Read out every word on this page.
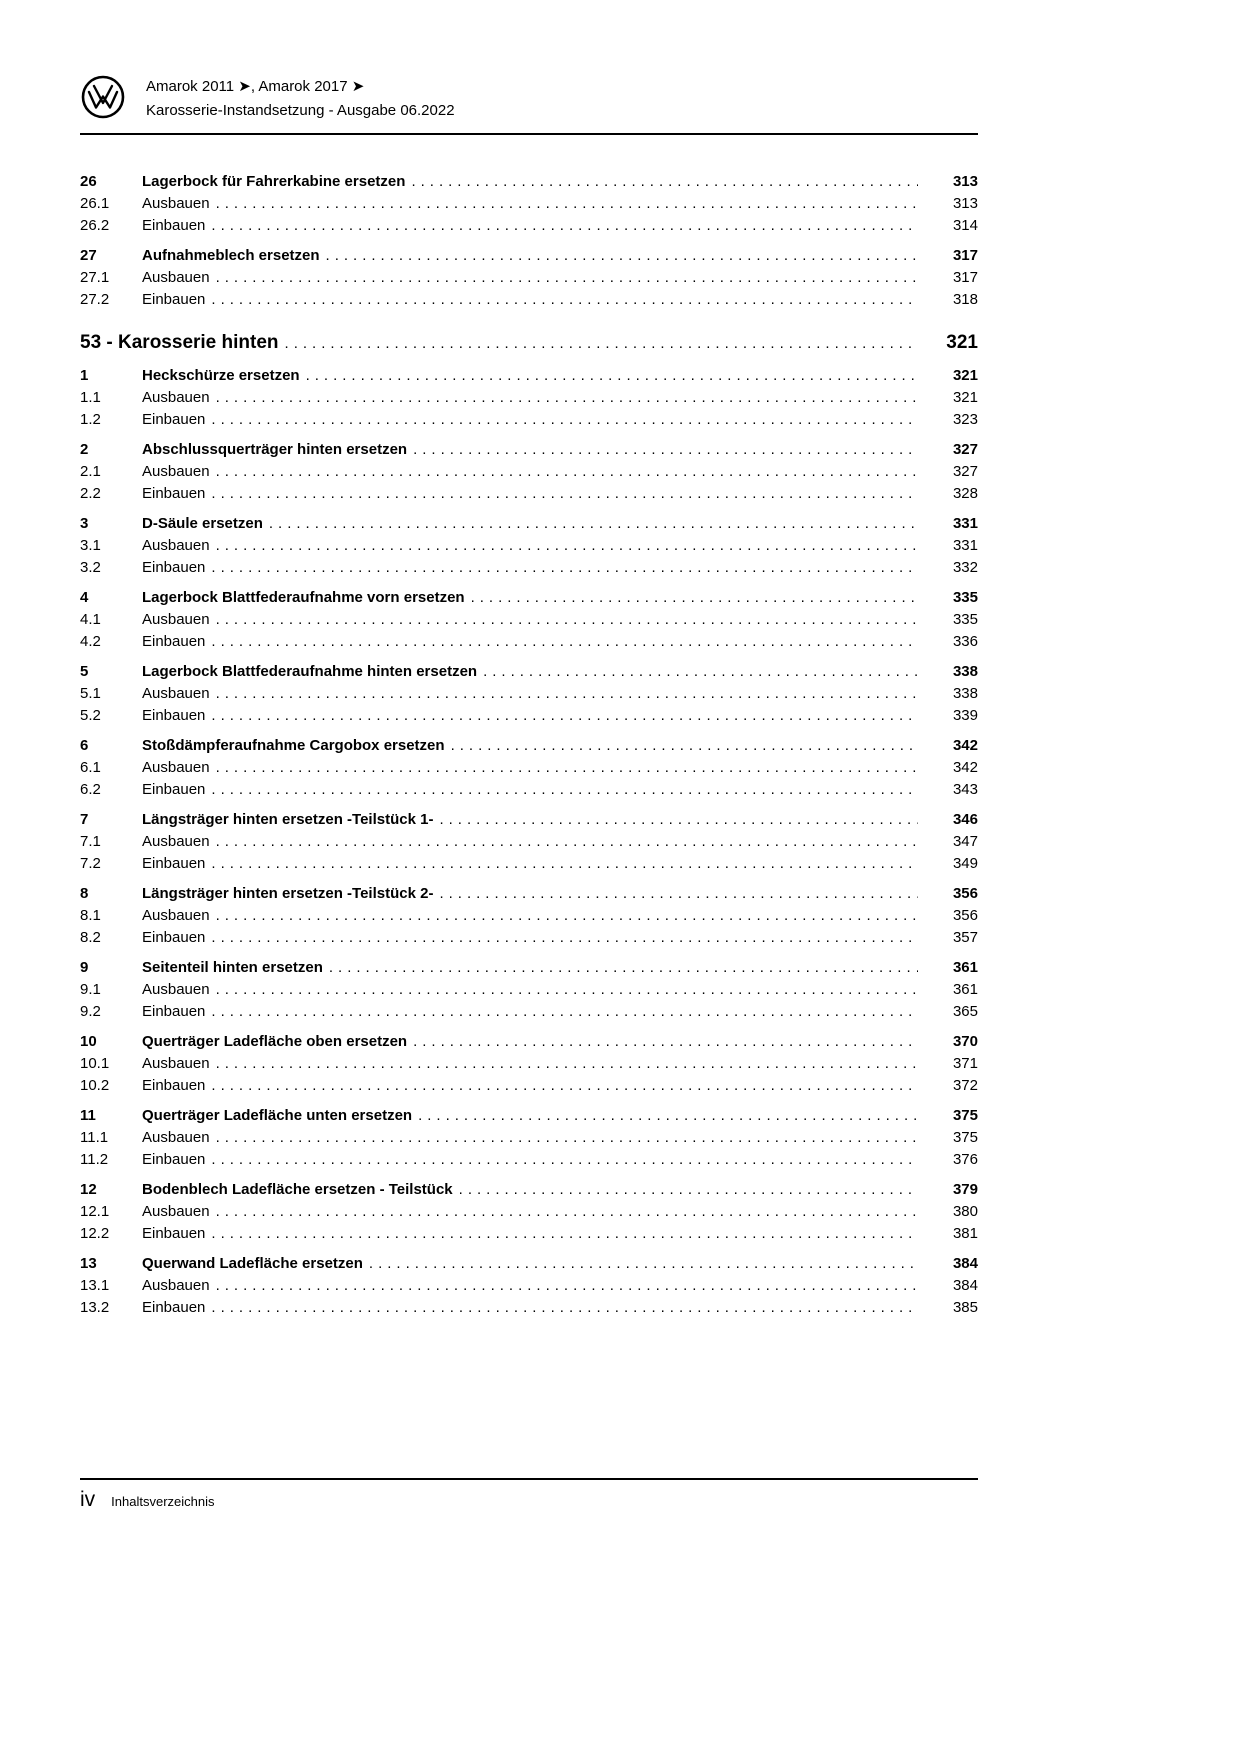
Amarok 2011 ➤, Amarok 2017 ➤
Karosserie-Instandsetzung - Ausgabe 06.2022
26	Lagerbock für Fahrerkabine ersetzen .....	313
26.1	Ausbauen .....	313
26.2	Einbauen .....	314
27	Aufnahmeblech ersetzen .....	317
27.1	Ausbauen .....	317
27.2	Einbauen .....	318
53 - Karosserie hinten .....	321
1	Heckschürze ersetzen .....	321
1.1	Ausbauen .....	321
1.2	Einbauen .....	323
2	Abschlussquerträger hinten ersetzen .....	327
2.1	Ausbauen .....	327
2.2	Einbauen .....	328
3	D-Säule ersetzen .....	331
3.1	Ausbauen .....	331
3.2	Einbauen .....	332
4	Lagerbock Blattfederaufnahme vorn ersetzen .....	335
4.1	Ausbauen .....	335
4.2	Einbauen .....	336
5	Lagerbock Blattfederaufnahme hinten ersetzen .....	338
5.1	Ausbauen .....	338
5.2	Einbauen .....	339
6	Stoßdämpferaufnahme Cargobox ersetzen .....	342
6.1	Ausbauen .....	342
6.2	Einbauen .....	343
7	Längsträger hinten ersetzen -Teilstück 1- .....	346
7.1	Ausbauen .....	347
7.2	Einbauen .....	349
8	Längsträger hinten ersetzen -Teilstück 2- .....	356
8.1	Ausbauen .....	356
8.2	Einbauen .....	357
9	Seitenteil hinten ersetzen .....	361
9.1	Ausbauen .....	361
9.2	Einbauen .....	365
10	Querträger Ladefläche oben ersetzen .....	370
10.1	Ausbauen .....	371
10.2	Einbauen .....	372
11	Querträger Ladefläche unten ersetzen .....	375
11.1	Ausbauen .....	375
11.2	Einbauen .....	376
12	Bodenblech Ladefläche ersetzen - Teilstück .....	379
12.1	Ausbauen .....	380
12.2	Einbauen .....	381
13	Querwand Ladefläche ersetzen .....	384
13.1	Ausbauen .....	384
13.2	Einbauen .....	385
iv Inhaltsverzeichnis
